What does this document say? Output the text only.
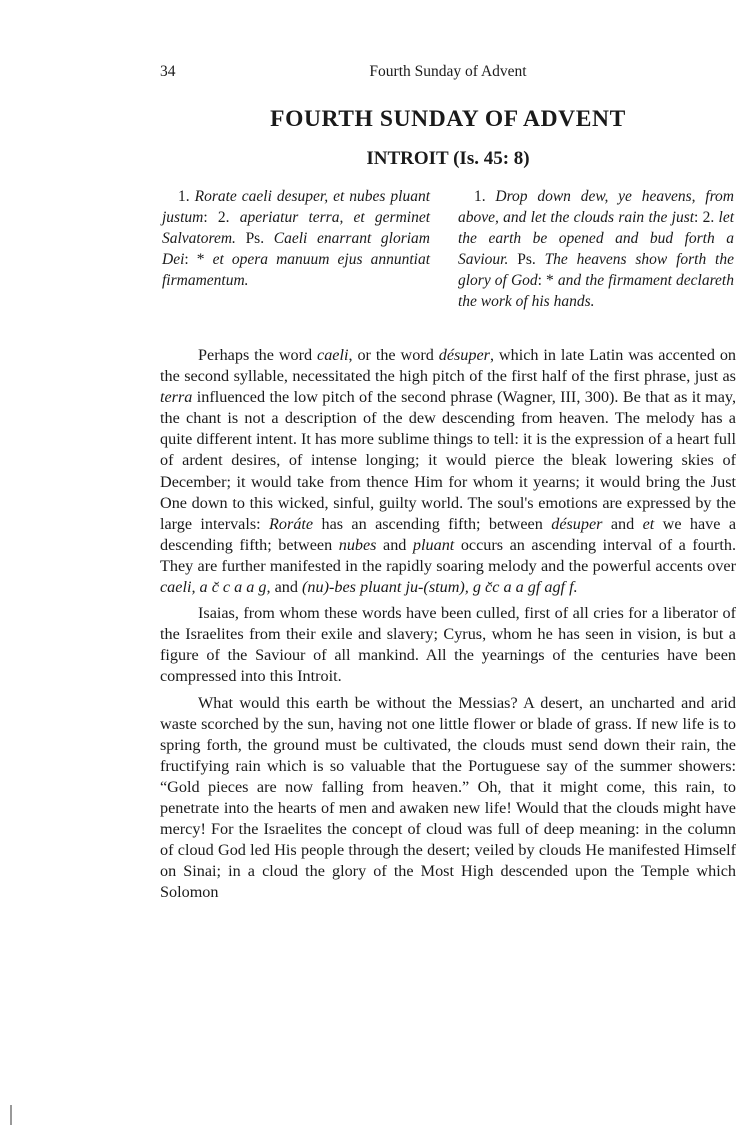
34	Fourth Sunday of Advent
FOURTH SUNDAY OF ADVENT
INTROIT (Is. 45: 8)

1. Rorate caeli desuper, et nubes pluant justum: 2. aperiatur terra, et germinet Salvatorem. Ps. Caeli enarrant gloriam Dei: * et opera manuum ejus annuntiat firmamentum.

1. Drop down dew, ye heavens, from above, and let the clouds rain the just: 2. let the earth be opened and bud forth a Saviour. Ps. The heavens show forth the glory of God: * and the firmament declareth the work of his hands.

Perhaps the word caeli, or the word désuper, which in late Latin was accented on the second syllable, necessitated the high pitch of the first half of the first phrase, just as terra influenced the low pitch of the second phrase (Wagner, III, 300). Be that as it may, the chant is not a description of the dew descending from heaven. The melody has a quite different intent. It has more sublime things to tell: it is the expression of a heart full of ardent desires, of intense longing; it would pierce the bleak lowering skies of December; it would take from thence Him for whom it yearns; it would bring the Just One down to this wicked, sinful, guilty world. The soul's emotions are expressed by the large intervals: Roráte has an ascending fifth; between désuper and et we have a descending fifth; between nubes and pluant occurs an ascending interval of a fourth. They are further manifested in the rapidly soaring melody and the powerful accents over caeli, a c̆ c a a g, and (nu)-bes pluant ju-(stum), g c̆c a a gf agf f.

Isaias, from whom these words have been culled, first of all cries for a liberator of the Israelites from their exile and slavery; Cyrus, whom he has seen in vision, is but a figure of the Saviour of all mankind. All the yearnings of the centuries have been compressed into this Introit.

What would this earth be without the Messias? A desert, an uncharted and arid waste scorched by the sun, having not one little flower or blade of grass. If new life is to spring forth, the ground must be cultivated, the clouds must send down their rain, the fructifying rain which is so valuable that the Portuguese say of the summer showers: “Gold pieces are now falling from heaven.” Oh, that it might come, this rain, to penetrate into the hearts of men and awaken new life! Would that the clouds might have mercy! For the Israelites the concept of cloud was full of deep meaning: in the column of cloud God led His people through the desert; veiled by clouds He manifested Himself on Sinai; in a cloud the glory of the Most High descended upon the Temple which Solomon
